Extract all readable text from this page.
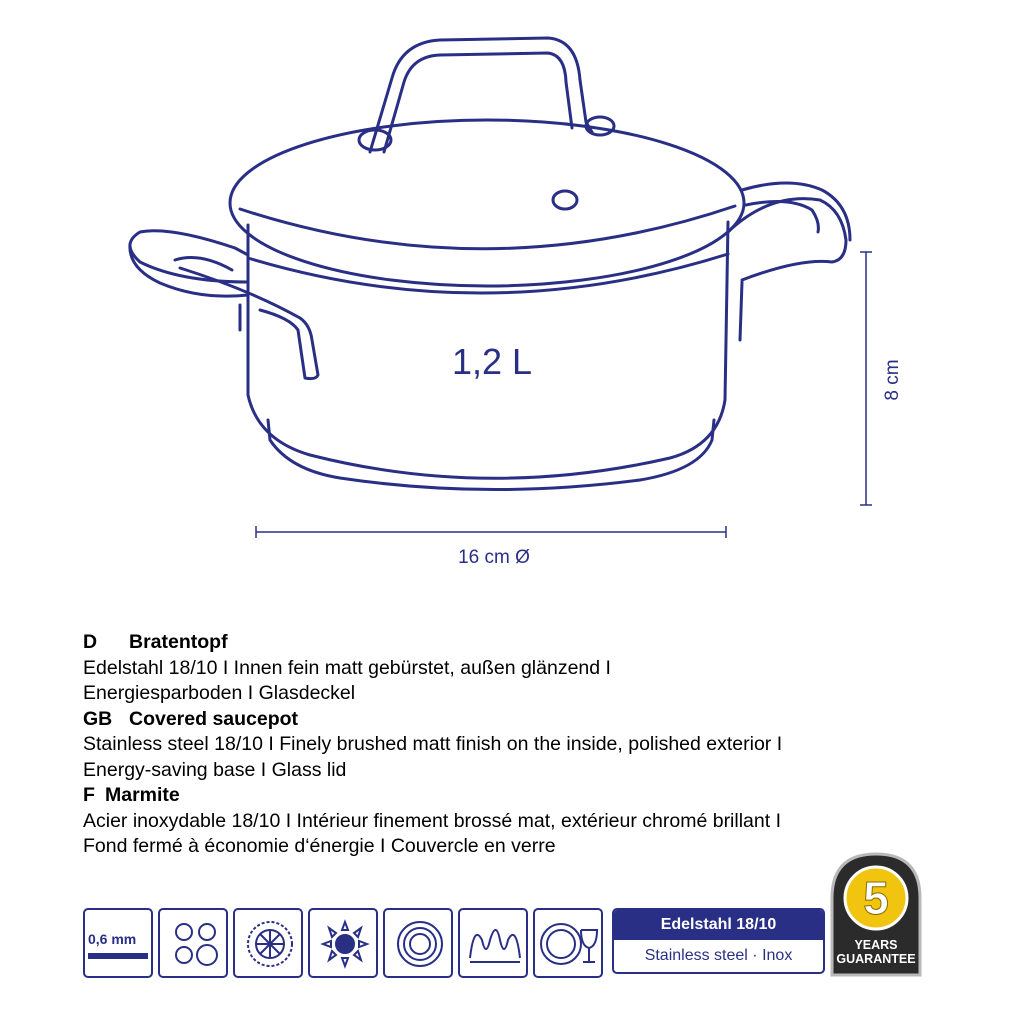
1,2 L	8 cm
16 cm Ø
D Bratentopf
Edelstahl 18/10 I Innen fein matt gebürstet, außen glänzend I
Energiesparboden I Glasdeckel
GB Covered saucepot
Stainless steel 18/10 I Finely brushed matt finish on the inside, polished exterior I
Energy-saving base I Glass lid
F Marmite
Acier inoxydable 18/10 I Intérieur finement brossé mat, extérieur chromé brillant I
Fond fermé à économie d‘énergie I Couvercle en verre
0,6 mm
Edelstahl 18/10
Stainless steel · Inox
5
YEARS
GUARANTEE
